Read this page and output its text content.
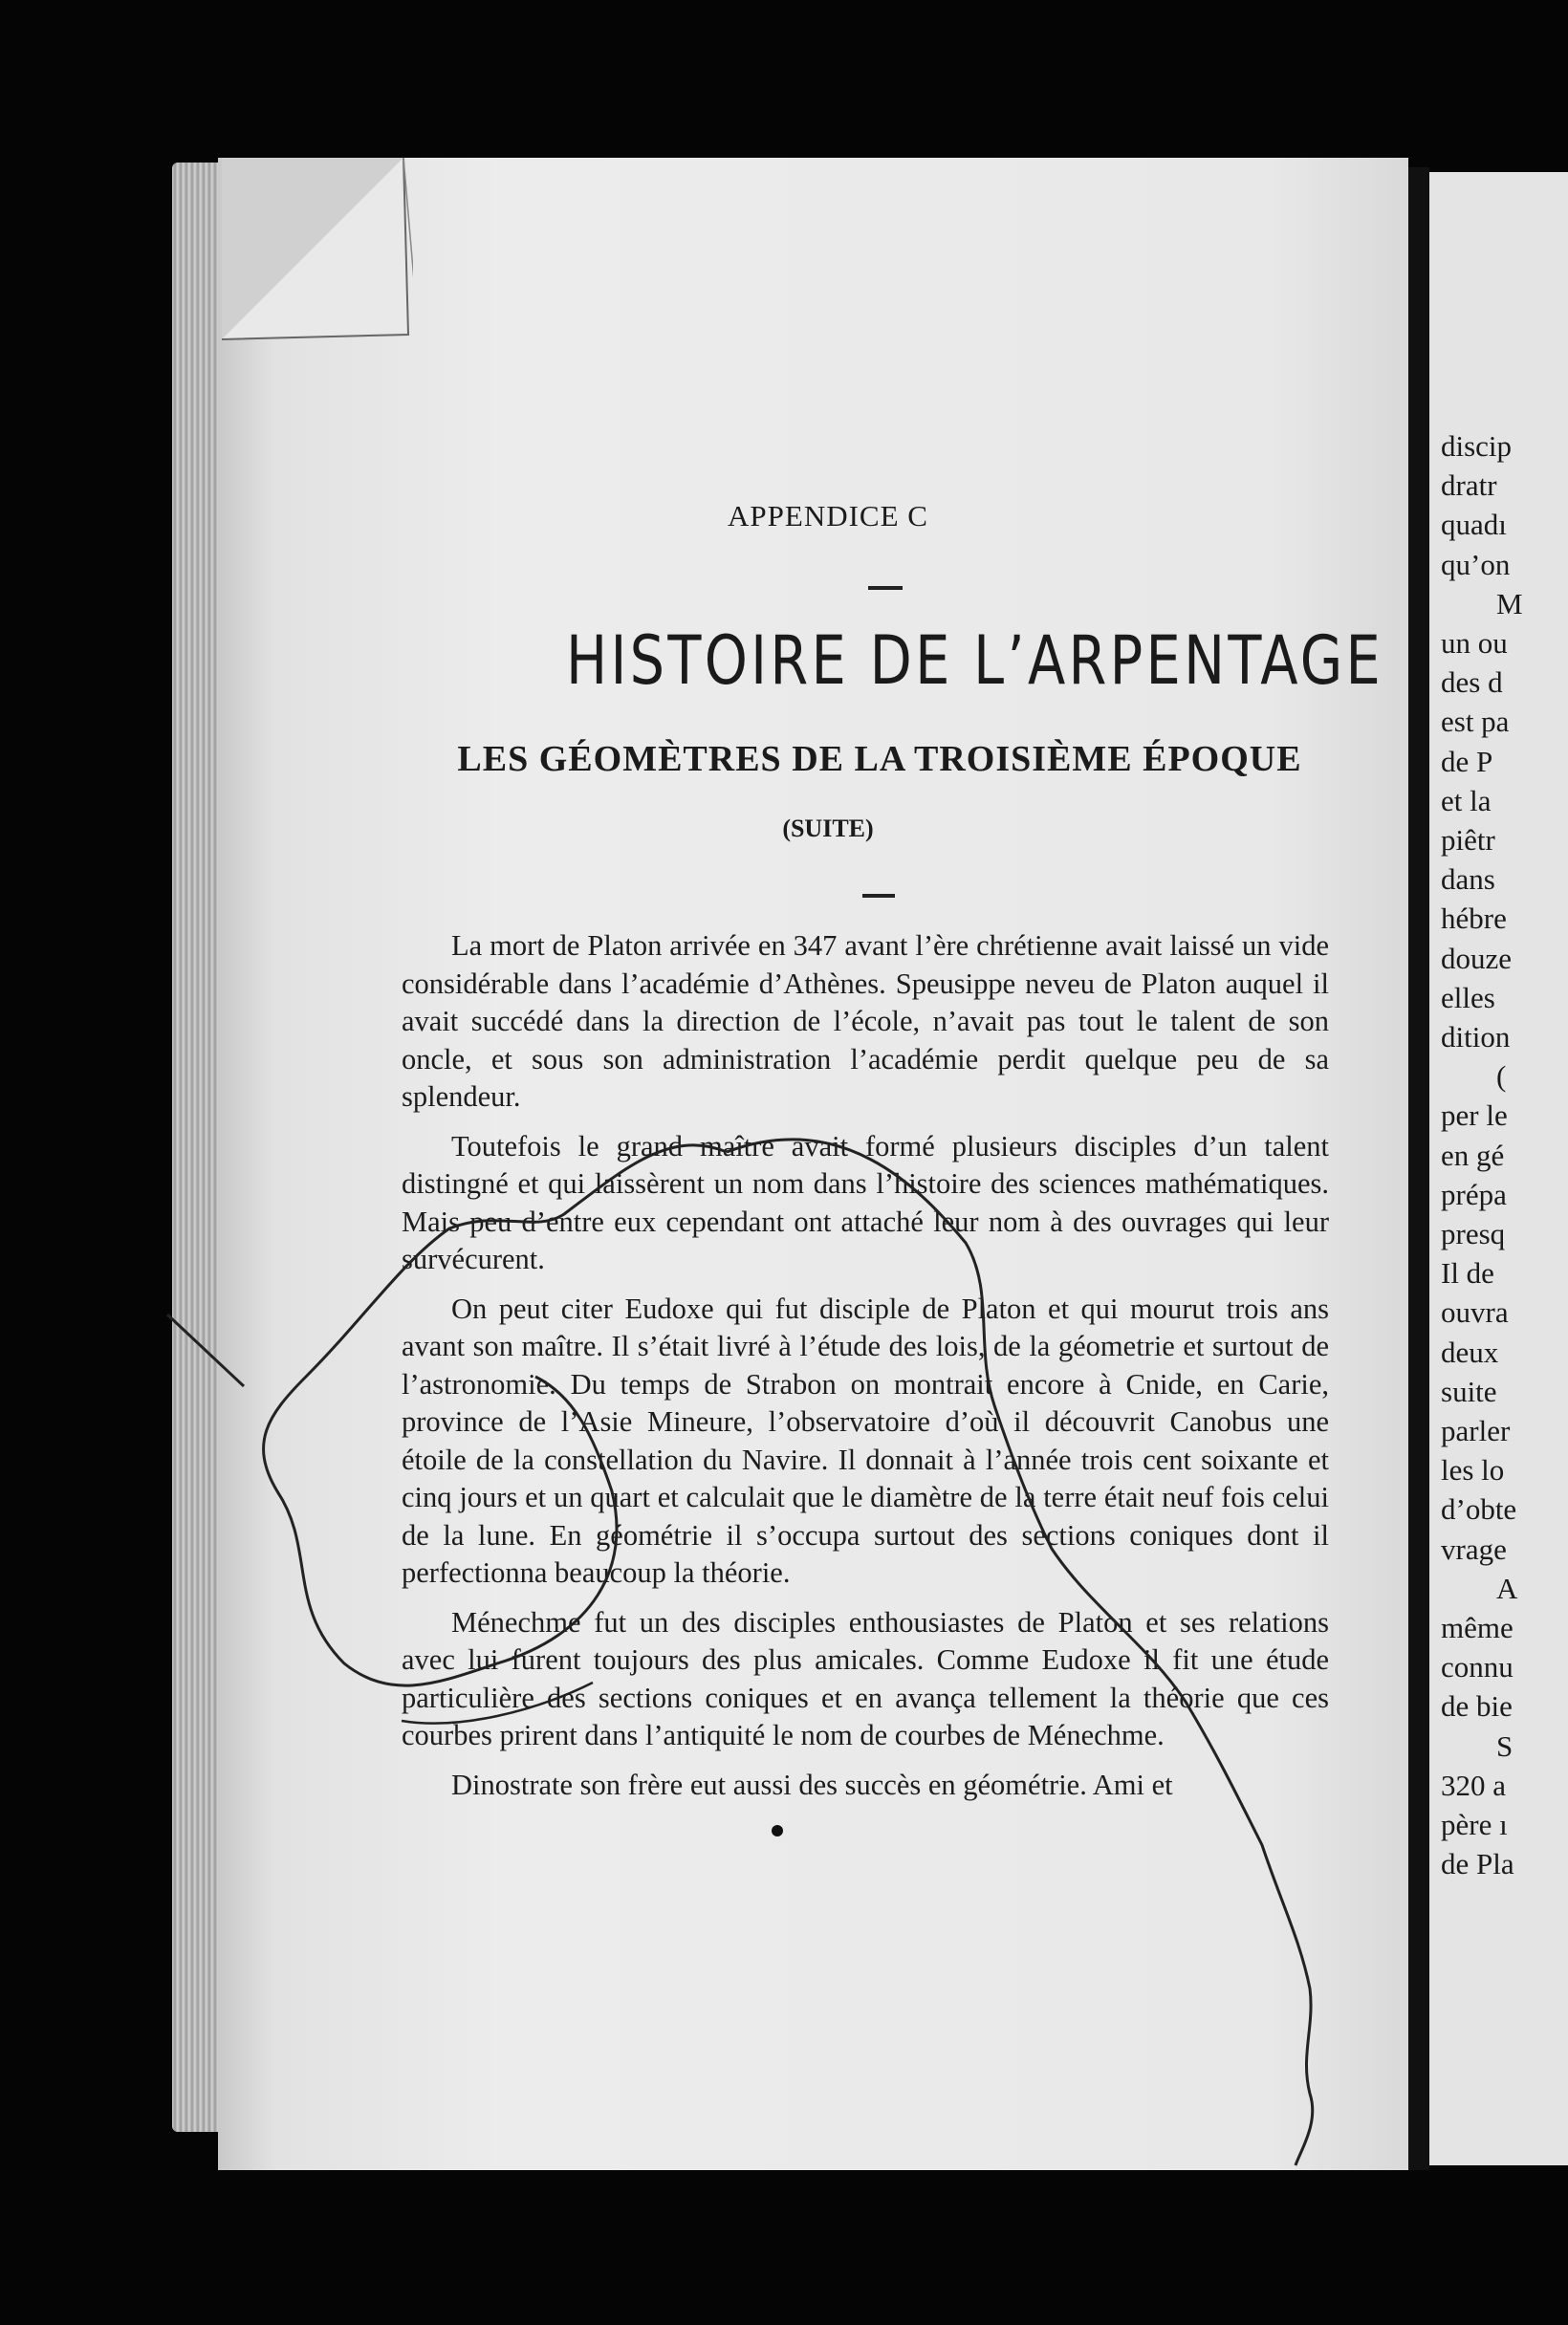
discip
dratr
quadı
qu’on
M
un ou
des d
est pa
de P
et la
piêtr
dans
hébre
douze
elles
dition
(
per le
en gé
prépa
presq
Il de
ouvra
deux
suite
parler
les lo
d’obte
vrage
A
même
connu
de bie
S
320 a
père ı
de Pla
APPENDICE C
HISTOIRE DE L’ARPENTAGE
LES GÉOMÈTRES DE LA TROISIÈME ÉPOQUE
(SUITE)

La mort de Platon arrivée en 347 avant l’ère chrétienne avait laissé un vide considérable dans l’académie d’Athènes. Speusippe neveu de Platon auquel il avait succédé dans la direction de l’école, n’avait pas tout le talent de son oncle, et sous son administration l’académie perdit quelque peu de sa splendeur.

Toutefois le grand maître avait formé plusieurs disciples d’un talent distingné et qui laissèrent un nom dans l’histoire des sciences mathématiques. Mais peu d’entre eux cependant ont attaché leur nom à des ouvrages qui leur survécurent.

On peut citer Eudoxe qui fut disciple de Platon et qui mourut trois ans avant son maître. Il s’était livré à l’étude des lois, de la géometrie et surtout de l’astronomie. Du temps de Strabon on montrait encore à Cnide, en Carie, province de l’Asie Mineure, l’observatoire d’où il découvrit Canobus une étoile de la constellation du Navire. Il donnait à l’année trois cent soixante et cinq jours et un quart et calculait que le diamètre de la terre était neuf fois celui de la lune. En géométrie il s’occupa surtout des sections coniques dont il perfectionna beaucoup la théorie.

Ménechme fut un des disciples enthousiastes de Platon et ses relations avec lui furent toujours des plus amicales. Comme Eudoxe il fit une étude particulière des sections coniques et en avança tellement la théorie que ces courbes prirent dans l’antiquité le nom de courbes de Ménechme.

Dinostrate son frère eut aussi des succès en géométrie. Ami et
